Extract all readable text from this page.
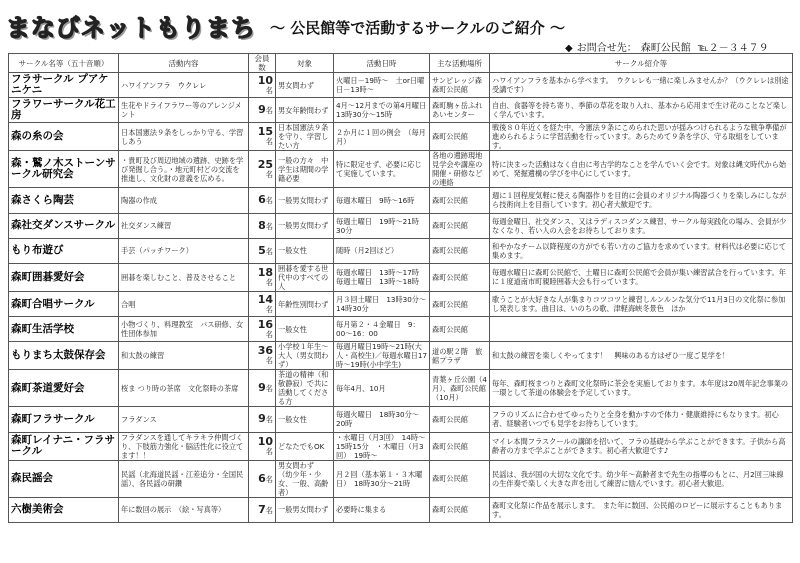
まなびネットもりまち ～ 公民館等で活動するサークルのご紹介 ～
◆ お問合せ先： 森町公民館 ℡２－３４７９
サークル名等（五十音順）	活動内容	会員数	対象	活動日時	主な活動場所	サークル紹介等
フラサークル プアケニケニ	ハワイアンフラ　ウクレレ	10名	男女問わず	火曜日－19時～　土or日曜日－13時～	サンピレッジ森　森町公民館	ハワイアンフラを基本から学べます。　ウクレレも一緒に楽しみませんか？（ウクレレは別途受講です）
フラワーサークル花工房	生花やドライフラワー等のアレンジメント	9名	男女年齢問わず	4月～12月までの第4月曜日　13時30分～15時	森町駒ヶ岳ふれあいセンター	自由、食器等を持ち寄り、季節の草花を取り入れ、基本から応用まで生け花のことなど楽しく学んでいます。
森の糸の会	日本国憲法９条をしっかり守る、学習しあう	15名	日本国憲法９条を守り、学習したい方	２か月に１回の例会　（毎月月）	森町公民館	戦後８０年近くを経た中、今憲法９条にこめられた思いが揺みつけられるような戦争準備が進められるように学習活動を行っています。あらためて９条を学び、守る取組をしています。
森・鷲ノ木ストーンサークル研究会	・貴町及び周辺地域の遺跡、史跡を学び発掘し合う。・地元町村どの交流を推進し、文化財の意義を広める。	25名	一般の方々　中学生は期間の学籍必要	特に限定せず、必要に応じて実施しています。	各地の遺跡現地見学会や講座の開催・研修などの連絡	特に決まった活動はなく自由に考古学的なことを学んでいく会です。対象は縄文時代から始めて、発掘遺構の学びを中心にしています。
森さくら陶芸	陶器の作成	6名	一般男女問わず	毎週木曜日　9時～16時	森町公民館	週に１回程度気軽に使える陶器作りを目的に会員のオリジナル陶器づくりを楽しみにしながら技術向上を目指しています。初心者大歓迎です。
森社交ダンスサークル	社交ダンス練習	8名	一般男女問わず	毎週土曜日　19時～21時30分	森町公民館	毎週金曜日、社交ダンス、又はラディスコダンス練習、サークル毎実践化の場み、会員が少なくなり、若い人の入会をお待ちしております。
もり布遊び	手芸（パッチワーク）	5名	一般女性	随時（月2回ほど）	森町公民館	和やかなチーム以降程度の方がでも若い方のご協力を求めています。材料代は必要に応じて集めます。
森町囲碁愛好会	囲碁を楽しむこと、普及させること	18名	囲碁を愛する世代中のすべての人	毎週水曜日　13時～17時　毎週土曜日　13時～18時	森町公民館	毎週水曜日に森町公民館で、土曜日に森町公民館で会員が集い練習試合を行っています。年に１度道南市町親睦囲碁大会も行っています。
森町合唱サークル	合唱	14名	年齢性別問わず	月３回土曜日　13時30分～14時30分	森町公民館	歌うことが大好きな人が集まりコツコツと練習しルンルンな気分で11月3日の文化祭に参加し発表します。曲目は、いのちの歌、津軽海峡冬景色　ほか
森町生活学校	小物づくり、料理教室　バス研修、女性団体参加	16名	一般女性	毎月第２・４金曜日　9：00～16：00	森町公民館	
もりまち太鼓保存会	和太鼓の練習	36名	小学校１年生～大人（男女問わず）	毎週月曜日19時～21時(大人・高校生)／毎週水曜日17時～19時(小中学生)	道の駅２階　旅館プラザ	和太鼓の練習を楽しくやってます！　興味のある方はぜひ一度ご見学を！
森町茶道愛好会	桜ま つり時の茶席　文化祭時の茶席	9名	茶道の精神（和敬静寂）で共に活動してくださる方	毎年4月、10月	青葉ヶ丘公園（4月）、森町公民館（10月）	毎年、森町桜まつりと森町文化祭時に茶会を実施しております。本年度は20周年記念事業の一環として茶道の体験会を予定しています。
森町フラサークル	フラダンス	9名	一般女性	毎週火曜日　18時30分～20時	森町公民館	フラのリズムに合わせてゆったりと全身を動かすので体力・健康維持にもなります。初心者、経験者いつでも見学をお待ちしています。
森町レイナニ・フラサークル	フラダンスを通してキラキラ仲間づくり、下肢筋力強化・脳活性化に役立てます！！	10名	どなたでもOK	・水曜日（月3回）　14時～15時15分　・木曜日（月3回）　19時～	森町公民館	マイレ本間フラスクールの講師を招いて、フラの基礎から学ぶことができます。子供から高齢者の方まで学ぶことができます。初心者大歓迎です♪
森民謡会	民謡（北海道民謡・江差追分・全国民謡）、各民謡の研鑽	6名	男女問わず　（幼少年・少女、一般、高齢者）	月２回（基本第１・３木曜日）　18時30分～21時	森町公民館	民謡は、我が国の大切な文化です。幼少年～高齢者まで先生の指導のもとに、月2回三味線の生伴奏で楽しく大きな声を出して練習に励んでいます。初心者大歓迎。
六樹美術会	年に数回の展示　（絵・写真等）	7名	一般男女問わず	必要時に集まる	森町公民館	森町文化祭に作品を展示します。　また年に数回、公民館のロビーに展示することもあります。
